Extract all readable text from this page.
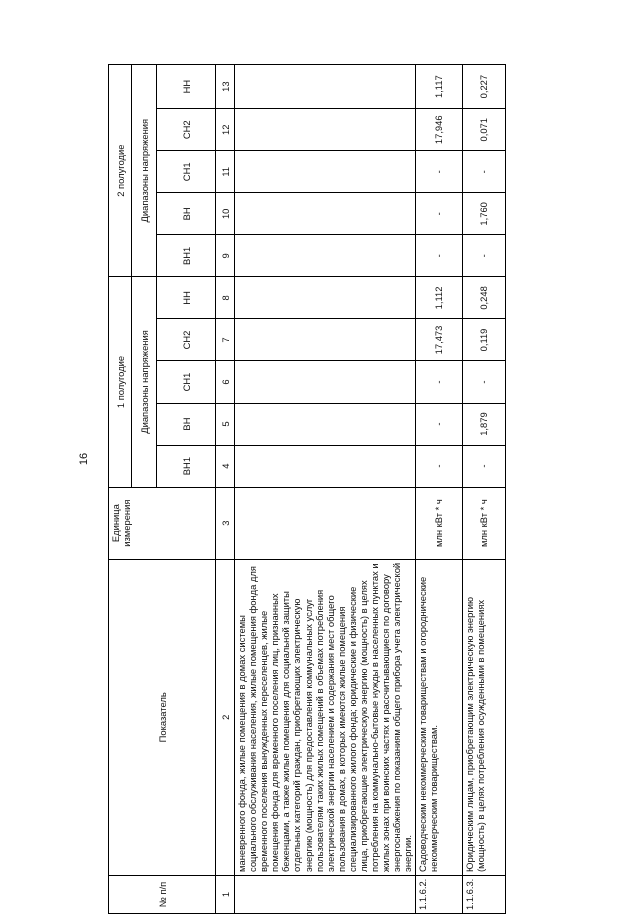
16
№ п/п	Показатель	Единица измерения	1 полугодие					2 полугодие				
			Диапазоны напряжения					Диапазоны напряжения				
			ВН1	ВН	СН1	СН2	НН	ВН1	ВН	СН1	СН2	НН
1	2	3	4	5	6	7	8	9	10	11	12	13
	маневренного фонда, жилые помещения в домах системы социального обслуживания населения, жилые помещения фонда для временного поселения вынужденных переселенцев, жилые помещения фонда для временного поселения лиц, признанных беженцами, а также жилые помещения для социальной защиты отдельных категорий граждан, приобретающих электрическую энергию (мощность) для предоставления коммунальных услуг пользователям таких жилых помещений в объемах потребления электрической энергии населением и содержания мест общего пользования в домах, в которых имеются жилые помещения специализированного жилого фонда; юридические и физические лица, приобретающие электрическую энергию (мощность) в целях потребления на коммунально-бытовые нужды в населенных пунктах и жилых зонах при воинских частях и рассчитывающиеся по договору энергоснабжения по показаниям общего прибора учета электрической энергии.											
1.1.6.2.	Садоводческим некоммерческим товариществам и огороднические некоммерческим товариществам.	млн кВт * ч	-	-	-	17,473	1,112	-	-	-	17,946	1,117
1.1.6.3.	Юридическим лицам, приобретающим электрическую энергию (мощность) в целях потребления осужденными в помещениях	млн кВт * ч	-	1,879	-	0,119	0,248	-	1,760	-	0,071	0,227
